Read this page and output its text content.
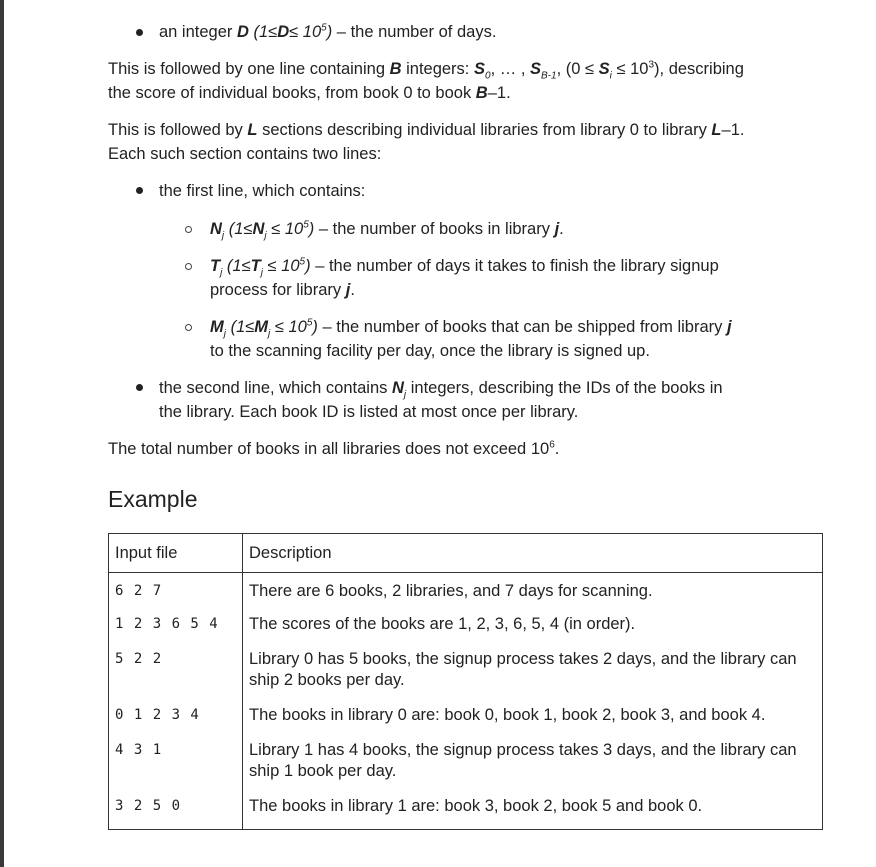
an integer D $(1\le D\le 10^5)$ – the number of days.
This is followed by one line containing B integers: $S_0$, … , $S_{B-1}$, $(0 \le S_i \le 10^3)$, describing
the score of individual books, from book 0 to book B–1.
This is followed by L sections describing individual libraries from library 0 to library L–1.
Each such section contains two lines:
the first line, which contains:
$N_j$ $(1\le N_j \le 10^5)$ – the number of books in library j.
$T_j$ $(1\le T_j \le 10^5)$ – the number of days it takes to finish the library signup
process for library j.
$M_j$ $(1\le M_j \le 10^5)$ – the number of books that can be shipped from library j
to the scanning facility per day, once the library is signed up.
the second line, which contains $N_j$ integers, describing the IDs of the books in
the library. Each book ID is listed at most once per library.
The total number of books in all libraries does not exceed $10^6$.
Example
Input file	Description
6 2 7	There are 6 books, 2 libraries, and 7 days for scanning.
1 2 3 6 5 4	The scores of the books are 1, 2, 3, 6, 5, 4 (in order).
5 2 2	Library 0 has 5 books, the signup process takes 2 days, and the library can ship 2 books per day.
0 1 2 3 4	The books in library 0 are: book 0, book 1, book 2, book 3, and book 4.
4 3 1	Library 1 has 4 books, the signup process takes 3 days, and the library can ship 1 book per day.
3 2 5 0	The books in library 1 are: book 3, book 2, book 5 and book 0.
